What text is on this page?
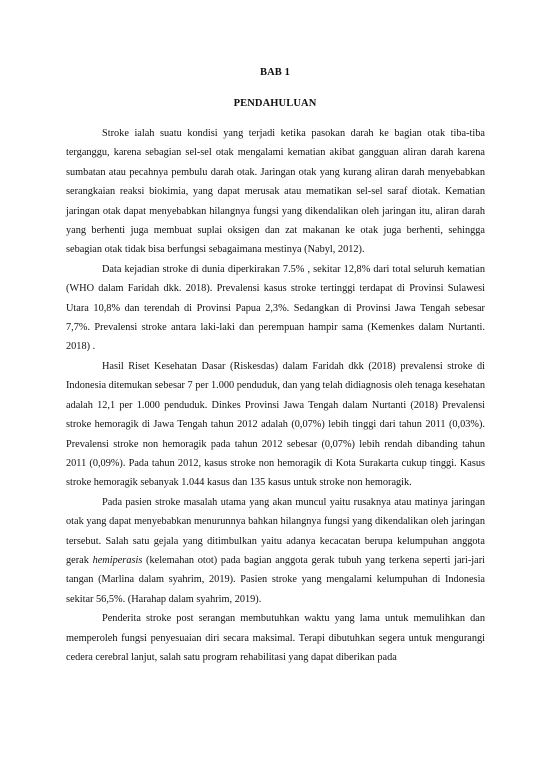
BAB 1
PENDAHULUAN

Stroke ialah suatu kondisi yang terjadi ketika pasokan darah ke bagian otak tiba-tiba terganggu, karena sebagian sel-sel otak mengalami kematian akibat gangguan aliran darah karena sumbatan atau pecahnya pembulu darah otak. Jaringan otak yang kurang aliran darah menyebabkan serangkaian reaksi biokimia, yang dapat merusak atau mematikan sel-sel saraf diotak. Kematian jaringan otak dapat menyebabkan hilangnya fungsi yang dikendalikan oleh jaringan itu, aliran darah yang berhenti juga membuat suplai oksigen dan zat makanan ke otak juga berhenti, sehingga sebagian otak tidak bisa berfungsi sebagaimana mestinya (Nabyl, 2012).

Data kejadian stroke di dunia diperkirakan 7.5% , sekitar 12,8% dari total seluruh kematian (WHO dalam Faridah dkk. 2018). Prevalensi kasus stroke tertinggi terdapat di Provinsi Sulawesi Utara 10,8% dan terendah di Provinsi Papua 2,3%. Sedangkan di Provinsi Jawa Tengah sebesar 7,7%. Prevalensi stroke antara laki-laki dan perempuan hampir sama (Kemenkes dalam Nurtanti. 2018) .

Hasil Riset Kesehatan Dasar (Riskesdas) dalam Faridah dkk (2018) prevalensi stroke di Indonesia ditemukan sebesar 7 per 1.000 penduduk, dan yang telah didiagnosis oleh tenaga kesehatan adalah 12,1 per 1.000 penduduk. Dinkes Provinsi Jawa Tengah dalam Nurtanti (2018) Prevalensi stroke hemoragik di Jawa Tengah tahun 2012 adalah (0,07%) lebih tinggi dari tahun 2011 (0,03%). Prevalensi stroke non hemoragik pada tahun 2012 sebesar (0,07%) lebih rendah dibanding tahun 2011 (0,09%). Pada tahun 2012, kasus stroke non hemoragik di Kota Surakarta cukup tinggi. Kasus stroke hemoragik sebanyak 1.044 kasus dan 135 kasus untuk stroke non hemoragik.

Pada pasien stroke masalah utama yang akan muncul yaitu rusaknya atau matinya jaringan otak yang dapat menyebabkan menurunnya bahkan hilangnya fungsi yang dikendalikan oleh jaringan tersebut. Salah satu gejala yang ditimbulkan yaitu adanya kecacatan berupa kelumpuhan anggota gerak hemiperasis (kelemahan otot) pada bagian anggota gerak tubuh yang terkena seperti jari-jari tangan (Marlina dalam syahrim, 2019). Pasien stroke yang mengalami kelumpuhan di Indonesia sekitar 56,5%. (Harahap dalam syahrim, 2019).

Penderita stroke post serangan membutuhkan waktu yang lama untuk memulihkan dan memperoleh fungsi penyesuaian diri secara maksimal. Terapi dibutuhkan segera untuk mengurangi cedera cerebral lanjut, salah satu program rehabilitasi yang dapat diberikan pada
